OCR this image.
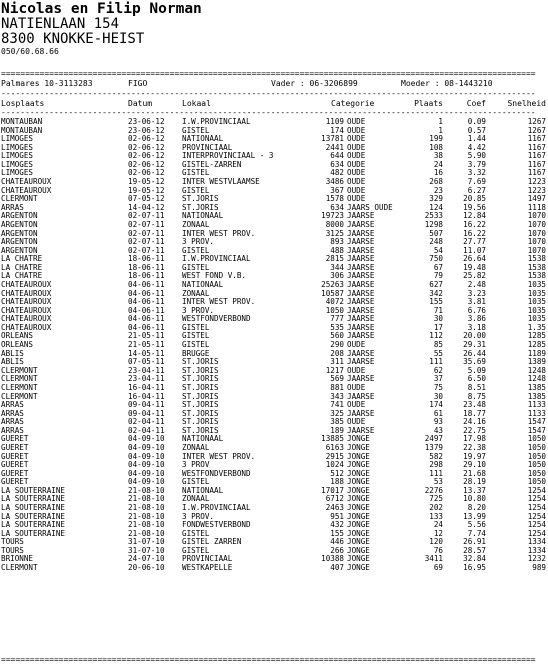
Nicolas en Filip Norman
NATIENLAAN 154
8300 KNOKKE-HEIST
050/60.68.66
===============================================================================================================
Palmares 10-3113283	FIGO	Vader : 06-3206899	Moeder : 08-1443210
---------------------------------------------------------------------------------------------------------------
Losplaats	Datum	Lokaal	Categorie	Plaats	Coef	Snelheid
---------------------------------------------------------------------------------------------------------------
MONTAUBAN	23-06-12 I.W.PROVINCIAAL	1109 OUDE	1	0.09	1267
MONTAUBAN	23-06-12 GISTEL	174 OUDE	1	0.57	1267
LIMOGES	02-06-12 NATIONAAL	13781 OUDE	199	1.44	1167
LIMOGES	02-06-12 PROVINCIAAL	2441 OUDE	108	4.42	1167
LIMOGES	02-06-12 INTERPROVINCIAAL - 3	644 OUDE	38	5.90	1167
LIMOGES	02-06-12 GISTEL-ZARREN	634 OUDE	24	3.79	1167
LIMOGES	02-06-12 GISTEL	482 OUDE	16	3.32	1167
CHATEAUROUX	19-05-12 INTER WESTVLAAMSE	3486 OUDE	268	7.69	1223
CHATEAUROUX	19-05-12 GISTEL	367 OUDE	23	6.27	1223
CLERMONT	07-05-12 ST.JORIS	1578 OUDE	329	20.85	1497
ARRAS	14-04-12 ST.JORIS	634 JAARS OUDE	124	19.56	1118
ARGENTON	02-07-11 NATIONAAL	19723 JAARSE	2533	12.84	1070
ARGENTON	02-07-11 ZONAAL	8000 JAARSE	1298	16.22	1070
ARGENTON	02-07-11 INTER WEST PROV.	3125 JAARSE	507	16.22	1070
ARGENTON	02-07-11 3 PROV.	893 JAARSE	248	27.77	1070
ARGENTON	02-07-11 GISTEL	488 JAARSE	54	11.07	1070
LA CHATRE	18-06-11 I.W.PROVINCIAAL	2815 JAARSE	750	26.64	1538
LA CHATRE	18-06-11 GISTEL	344 JAARSE	67	19.48	1538
LA CHATRE	18-06-11 WEST FOND V.B.	306 JAARSE	79	25.82	1538
CHATEAUROUX	04-06-11 NATIONAAL	25263 JAARSE	627	2.48	1035
CHATEAUROUX	04-06-11 ZONAAL	10587 JAARSE	342	3.23	1035
CHATEAUROUX	04-06-11 INTER WEST PROV.	4072 JAARSE	155	3.81	1035
CHATEAUROUX	04-06-11 3 PROV.	1050 JAARSE	71	6.76	1035
CHATEAUROUX	04-06-11 WESTFONDVERBOND	777 JAARSE	30	3.86	1035
CHATEAUROUX	04-06-11 GISTEL	535 JAARSE	17	3.18	1.35
ORLEANS	21-05-11 GISTEL	560 JAARSE	112	20.00	1285
ORLEANS	21-05-11 GISTEL	290 OUDE	85	29.31	1285
ABLIS	14-05-11 BRUGGE	208 JAARSE	55	26.44	1189
ABLIS	07-05-11 ST.JORIS	311 JAARSE	111	35.69	1389
CLERMONT	23-04-11 ST.JORIS	1217 OUDE	62	5.09	1248
CLERMONT	23-04-11 ST.JORIS	569 JAARSE	37	6.50	1248
CLERMONT	16-04-11 ST.JORIS	881 OUDE	75	8.51	1385
CLERMONT	16-04-11 ST.JORIS	343 JAARSE	30	8.75	1385
ARRAS	09-04-11 ST.JORIS	741 OUDE	174	23.48	1133
ARRAS	09-04-11 ST.JORIS	325 JAARSE	61	18.77	1133
ARRAS	02-04-11 ST.JORIS	385 OUDE	93	24.16	1547
ARRAS	02-04-11 ST.JORIS	189 JAARSE	43	22.75	1547
GUERET	04-09-10 NATIONAAL	13885 JONGE	2497	17.98	1050
GUERET	04-09-10 ZONAAL	6163 JONGE	1379	22.38	1050
GUERET	04-09-10 INTER WEST PROV.	2915 JONGE	582	19.97	1050
GUERET	04-09-10 3 PROV	1024 JONGE	298	29.10	1050
GUERET	04-09-10 WESTFONDVERBOND	512 JONGE	111	21.68	1050
GUERET	04-09-10 GISTEL	188 JONGE	53	28.19	1050
LA SOUTERRAINE	21-08-10 NATIONAAL	17017 JONGE	2276	13.37	1254
LA SOUTERRAINE	21-08-10 ZONAAL	6712 JONGE	725	10.80	1254
LA SOUTERRAINE	21-08-10 I.W.PROVINCIAAL	2463 JONGE	202	8.20	1254
LA SOUTERRAINE	21-08-10 3 PROV.	951 JONGE	133	13.99	1254
LA SOUTERRAINE	21-08-10 FONDWESTVERBOND	432 JONGE	24	5.56	1254
LA SOUTERRAINE	21-08-10 GISTEL	155 JONGE	12	7.74	1254
TOURS	31-07-10 GISTEL ZARREN	446 JONGE	120	26.91	1334
TOURS	31-07-10 GISTEL	266 JONGE	76	28.57	1334
BRIONNE	24-07-10 PROVINCIAAL	10388 JONGE	3411	32.84	1232
CLERMONT	20-06-10 WESTKAPELLE	407 JONGE	69	16.95	989
===============================================================================================================
